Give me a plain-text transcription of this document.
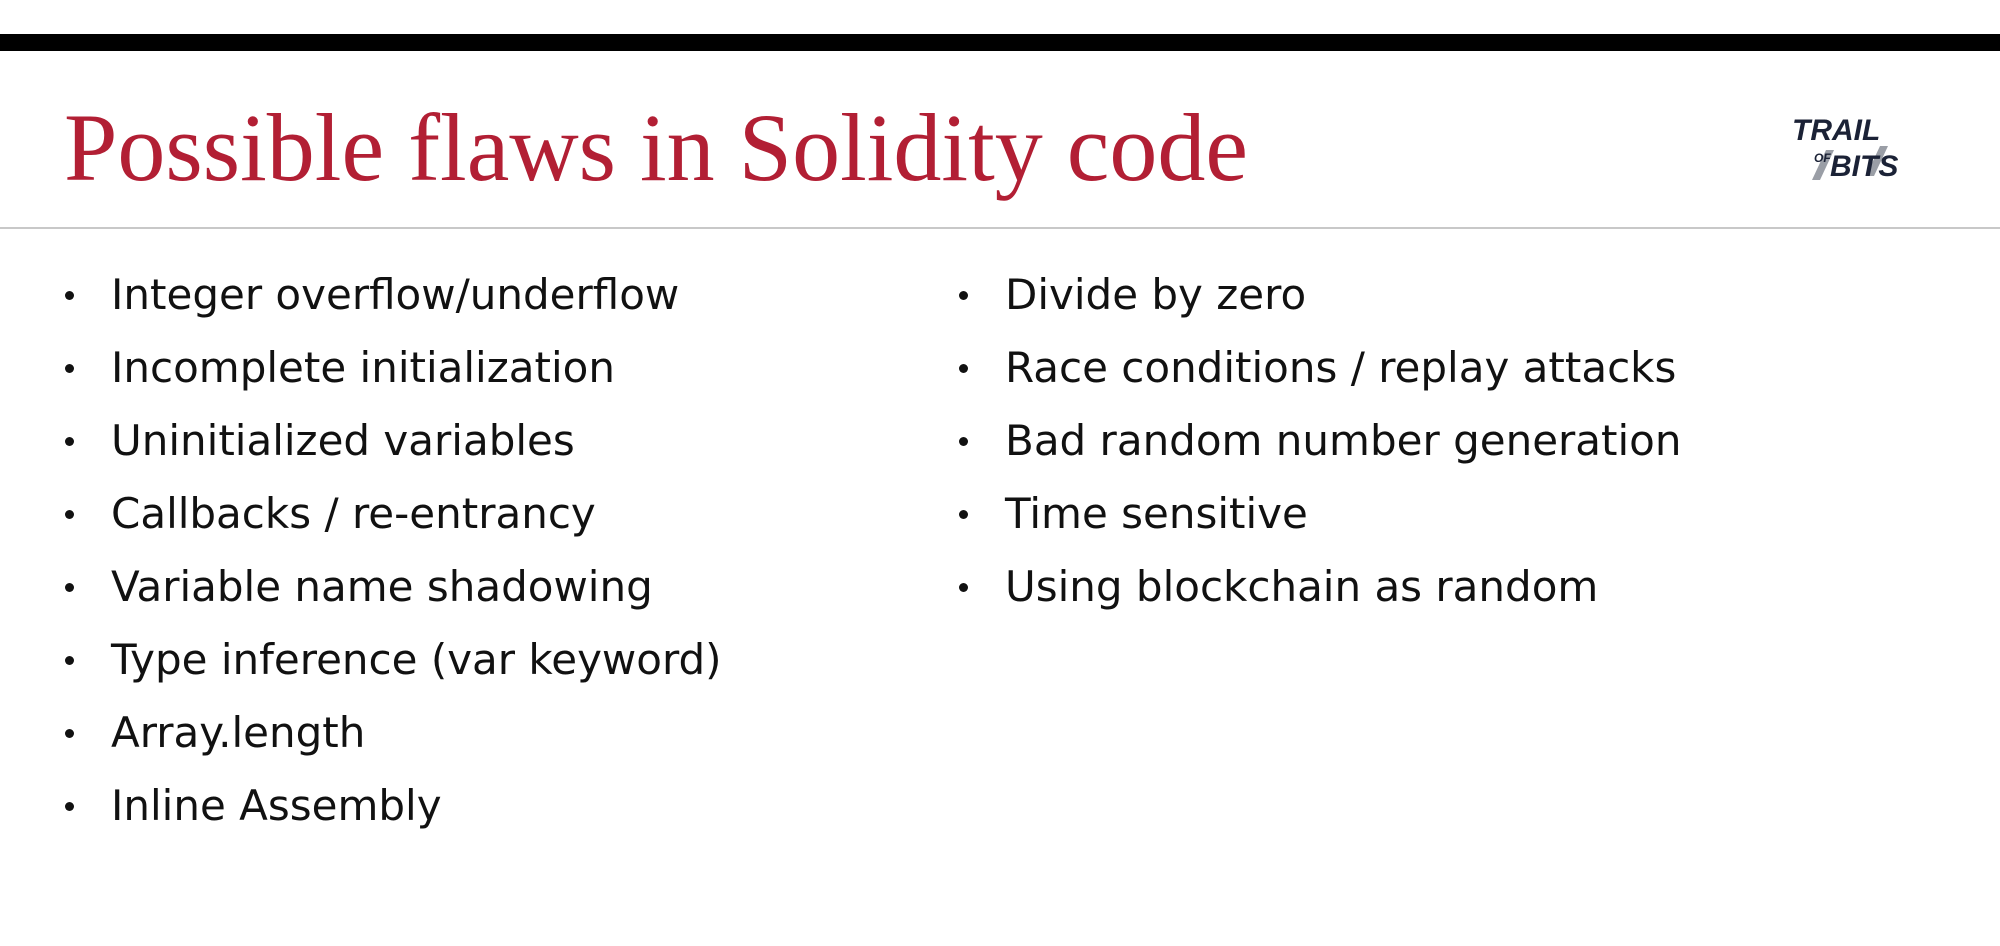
Possible flaws in Solidity code	TRAIL
OF BITS
Integer overflow/underflow
Incomplete initialization
Uninitialized variables
Callbacks / re-entrancy
Variable name shadowing
Type inference (var keyword)
Array.length
Inline Assembly
Divide by zero
Race conditions / replay attacks
Bad random number generation
Time sensitive
Using blockchain as random
